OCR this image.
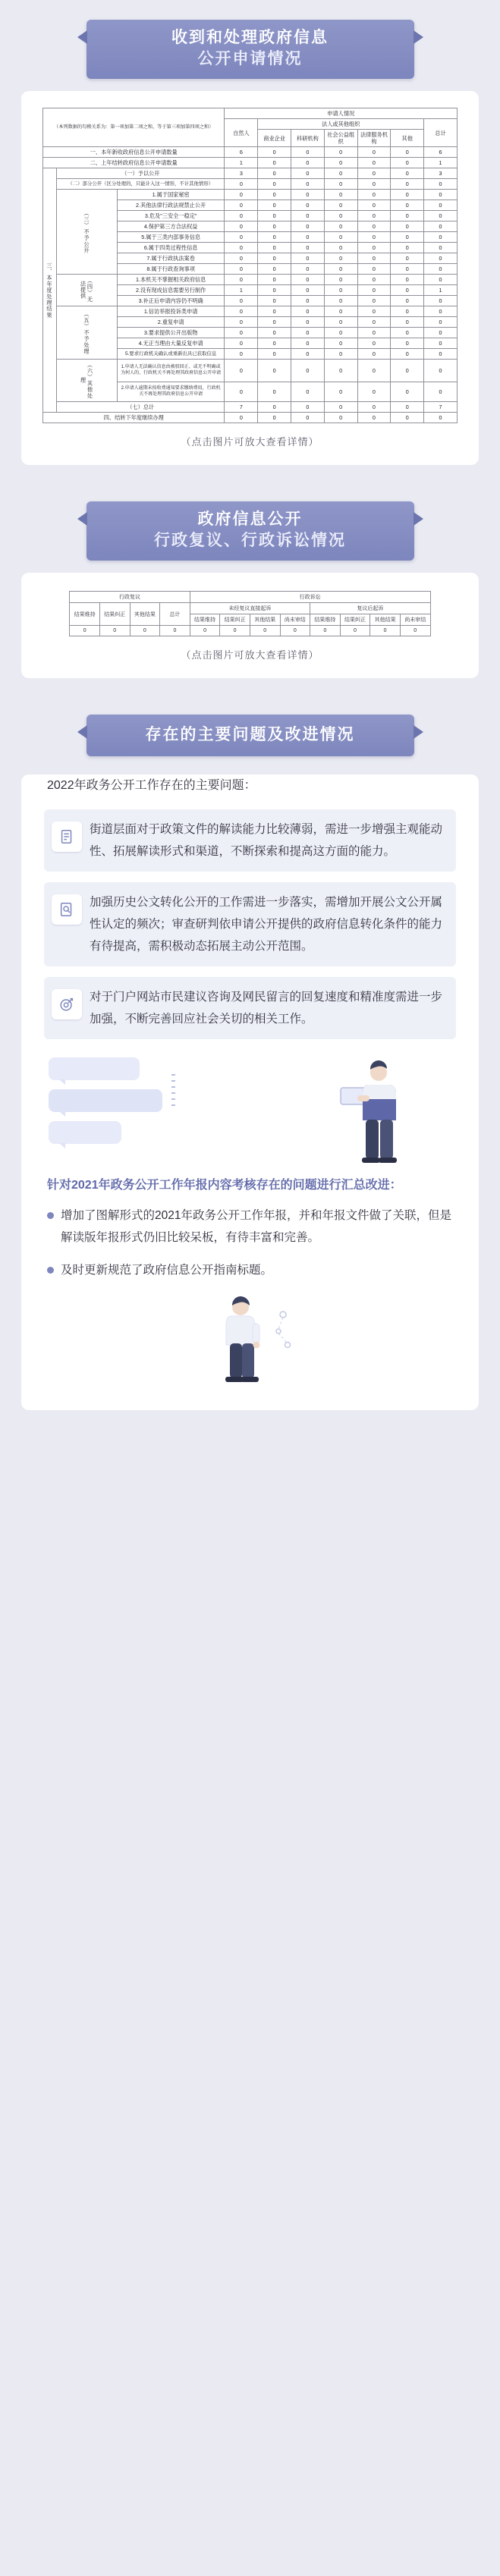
收到和处理政府信息
公开申请情况
（本列数据的勾稽关系为：第一项加第二项之和，等于第三项加第四项之和）			申请人情况						
			自然人	法人或其他组织					总计
				商业企业	科研机构	社会公益组织	法律服务机构	其他	
一、本年新收政府信息公开申请数量			6	0	0	0	0	0	6
二、上年结转政府信息公开申请数量			1	0	0	0	0	0	1
三、本年度处理结果	（一）予以公开		3	0	0	0	0	0	3
	（二）部分公开（区分处理的，只能计入这一情形，不计其他情形）		0	0	0	0	0	0	0
	（三）不予公开	1.属于国家秘密	0	0	0	0	0	0	0
		2.其他法律行政法规禁止公开	0	0	0	0	0	0	0
		3.危及"三安全一稳定"	0	0	0	0	0	0	0
		4.保护第三方合法权益	0	0	0	0	0	0	0
		5.属于三类内部事务信息	0	0	0	0	0	0	0
		6.属于四类过程性信息	0	0	0	0	0	0	0
		7.属于行政执法案卷	0	0	0	0	0	0	0
		8.属于行政查询事项	0	0	0	0	0	0	0
	（四）无法提供	1.本机关不掌握相关政府信息	0	0	0	0	0	0	0
		2.没有现成信息需要另行制作	1	0	0	0	0	0	1
		3.补正后申请内容仍不明确	0	0	0	0	0	0	0
	（五）不予处理	1.信访举报投诉类申请	0	0	0	0	0	0	0
		2.重复申请	0	0	0	0	0	0	0
		3.要求提供公开出版物	0	0	0	0	0	0	0
		4.无正当理由大量反复申请	0	0	0	0	0	0	0
		5.要求行政机关确认或重新出具已获取信息	0	0	0	0	0	0	0
	（六）其他处理	1.申请人无法确认信息由被驳回正、或无不明确或为何人的、行政机关不再处理其政府信息公开申请	0	0	0	0	0	0	0
		2.申请人逾期未按收费通知要求缴纳费用，行政机关不再处理其政府信息公开申请	0	0	0	0	0	0	0
	（七）总计		7	0	0	0	0	0	7
四、结转下年度继续办理			0	0	0	0	0	0	0
（点击图片可放大查看详情）
政府信息公开
行政复议、行政诉讼情况
行政复议				行政诉讼							
结果维持	结果纠正	其他结果	总计	未经复议直接起诉				复议后起诉			
				结果维持	结果纠正	其他结果	尚未审结	结果维持	结果纠正	其他结果	尚未审结
0	0	0	0	0	0	0	0	0	0	0	0
（点击图片可放大查看详情）
存在的主要问题及改进情况
2022年政务公开工作存在的主要问题：
街道层面对于政策文件的解读能力比较薄弱，需进一步增强主观能动性、拓展解读形式和渠道，不断探索和提高这方面的能力。
加强历史公文转化公开的工作需进一步落实，需增加开展公文公开属性认定的频次；审查研判依申请公开提供的政府信息转化条件的能力有待提高，需积极动态拓展主动公开范围。
对于门户网站市民建议咨询及网民留言的回复速度和精准度需进一步加强，不断完善回应社会关切的相关工作。
针对2021年政务公开工作年报内容考核存在的问题进行汇总改进：
增加了图解形式的2021年政务公开工作年报，并和年报文件做了关联，但是解读版年报形式仍旧比较呆板，有待丰富和完善。
及时更新规范了政府信息公开指南标题。
